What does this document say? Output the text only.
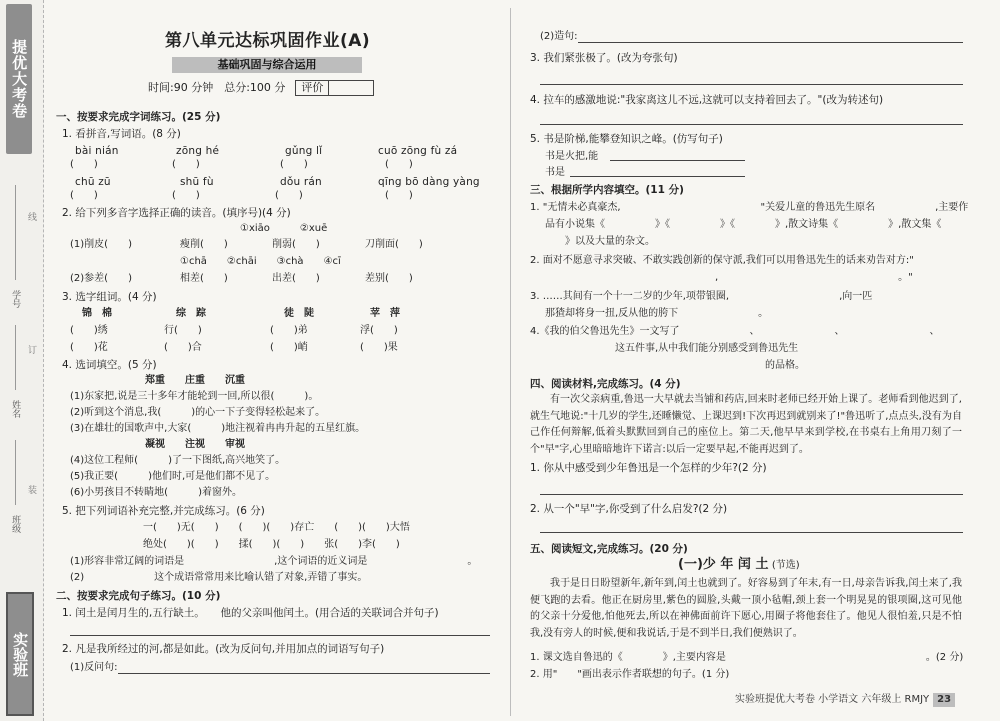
提优大考卷
学号
姓名
班级
线
订
装
实验班
第八单元达标巩固作业(A)
基础巩固与综合运用
时间:90 分钟　总分:100 分	评价
一、按要求完成字词练习。(25 分)
1. 看拼音,写词语。(8 分)
bài nián	zōng hé	gǔng lǐ	cuō zōng fù zá
(　　)	(　　)	(　　)	(　　)
chū zū	shū fù	dǒu rán	qīng bō dàng yàng
(　　)	(　　)	(　　)	(　　)
2. 给下列多音字选择正确的读音。(填序号)(4 分)
①xiāo　　　②xuē
(1)削皮(　　)	瘦削(　　)	削弱(　　)	刀削面(　　)
①chā　　②chāi　　③chà　　④cī
(2)参差(　　)	相差(　　)	出差(　　)	差别(　　)
3. 选字组词。(4 分)
锦　棉	综　踪	徒　陡	苹　萍
(　　)绣	行(　　)	(　　)弟	浮(　　)
(　　)花	(　　)合	(　　)峭	(　　)果
4. 选词填空。(5 分)
郑重　　庄重　　沉重
(1)东家把,说是三十多年才能轮到一回,所以很(　　　)。
(2)听到这个消息,我(　　　)的心一下子变得轻松起来了。
(3)在雄壮的国歌声中,大家(　　　)地注视着冉冉升起的五星红旗。
凝视　　注视　　审视
(4)这位工程师(　　　)了一下图纸,高兴地笑了。
(5)我正要(　　　)他们时,可是他们都不见了。
(6)小男孩目不转睛地(　　　)着窗外。
5. 把下列词语补充完整,并完成练习。(6 分)
一(　　)无(　　)　　(　　)(　　)存亡　　(　　)(　　)大悟
绝处(　　)(　　)　　揉(　　)(　　)　　张(　　)李(　　)
(1)形容非常辽阔的词语是　　　　　　　　　,这个词语的近义词是　　　　　　　　　　。
(2)　　　　　　　这个成语常常用来比喻认错了对象,弄错了事实。
二、按要求完成句子练习。(10 分)
1. 闰土是闰月生的,五行缺土。　　他的父亲叫他闰土。(用合适的关联词合并句子)
2. 凡是我所经过的河,都是如此。(改为反问句,并用加点的词语写句子)
(1)反问句:
(2)造句:
3. 我们紧张极了。(改为夸张句)
4. 拉车的感激地说:"我家离这儿不远,这就可以支持着回去了。"(改为转述句)
5. 书是阶梯,能攀登知识之峰。(仿写句子)
书是火把,能
书是
三、根据所学内容填空。(11 分)
1. "无情未必真豪杰,　　　　　　　　　　　　　　"关爱儿童的鲁迅先生原名　　　　　　,主要作
品有小说集《　　　　　》《　　　　　》《　　　　》,散文诗集《　　　　　》,散文集《　　　
　　》以及大量的杂文。
2. 面对不愿意寻求突破、不敢实践创新的保守派,我们可以用鲁迅先生的话来劝告对方:"
　　　　　　　　　　　　　　　　　,　　　　　　　　　　　　　　　　　　。"
3. ……其间有一个十一二岁的少年,项带银圈,　　　　　　　　　　　,向一匹　　　　　　　　
那猹却将身一扭,反从他的胯下　　　　　　　　。
4.《我的伯父鲁迅先生》一文写了　　　　　　　、　　　　　　　　、　　　　　　　　　、
　　　　　　　这五件事,从中我们能分别感受到鲁迅先生　　　　　　　　　　　　　　　　　
　　　　　　　　　　　　　　　　　　　　　　的品格。
四、阅读材料,完成练习。(4 分)
有一次父亲病重,鲁迅一大早就去当铺和药店,回来时老师已经开始上课了。老师看到他迟到了,就生气地说:"十几岁的学生,还睡懒觉、上课迟到!下次再迟到就别来了!"鲁迅听了,点点头,没有为自己作任何辩解,低着头默默回到自己的座位上。第二天,他早早来到学校,在书桌右上角用刀刻了一个"早"字,心里暗暗地许下诺言:以后一定要早起,不能再迟到了。
1. 你从中感受到少年鲁迅是一个怎样的少年?(2 分)
2. 从一个"早"字,你受到了什么启发?(2 分)
五、阅读短文,完成练习。(20 分)
(一)少 年 闰 土 (节选)
我于是日日盼望新年,新年到,闰土也就到了。好容易到了年末,有一日,母亲告诉我,闰土来了,我便飞跑的去看。他正在厨房里,紫色的圆脸,头戴一顶小毡帽,颈上套一个明晃晃的银项圈,这可见他的父亲十分爱他,怕他死去,所以在神佛面前许下愿心,用圈子将他套住了。他见人很怕羞,只是不怕我,没有旁人的时候,便和我说话,于是不到半日,我们便熟识了。
1. 课文选自鲁迅的《　　　　》,主要内容是　　　　　　　　　　　　　　　　　　　　。(2 分)
2. 用"　　"画出表示作者联想的句子。(1 分)
实验班提优大考卷 小学语文 六年级上 RMJY 23
